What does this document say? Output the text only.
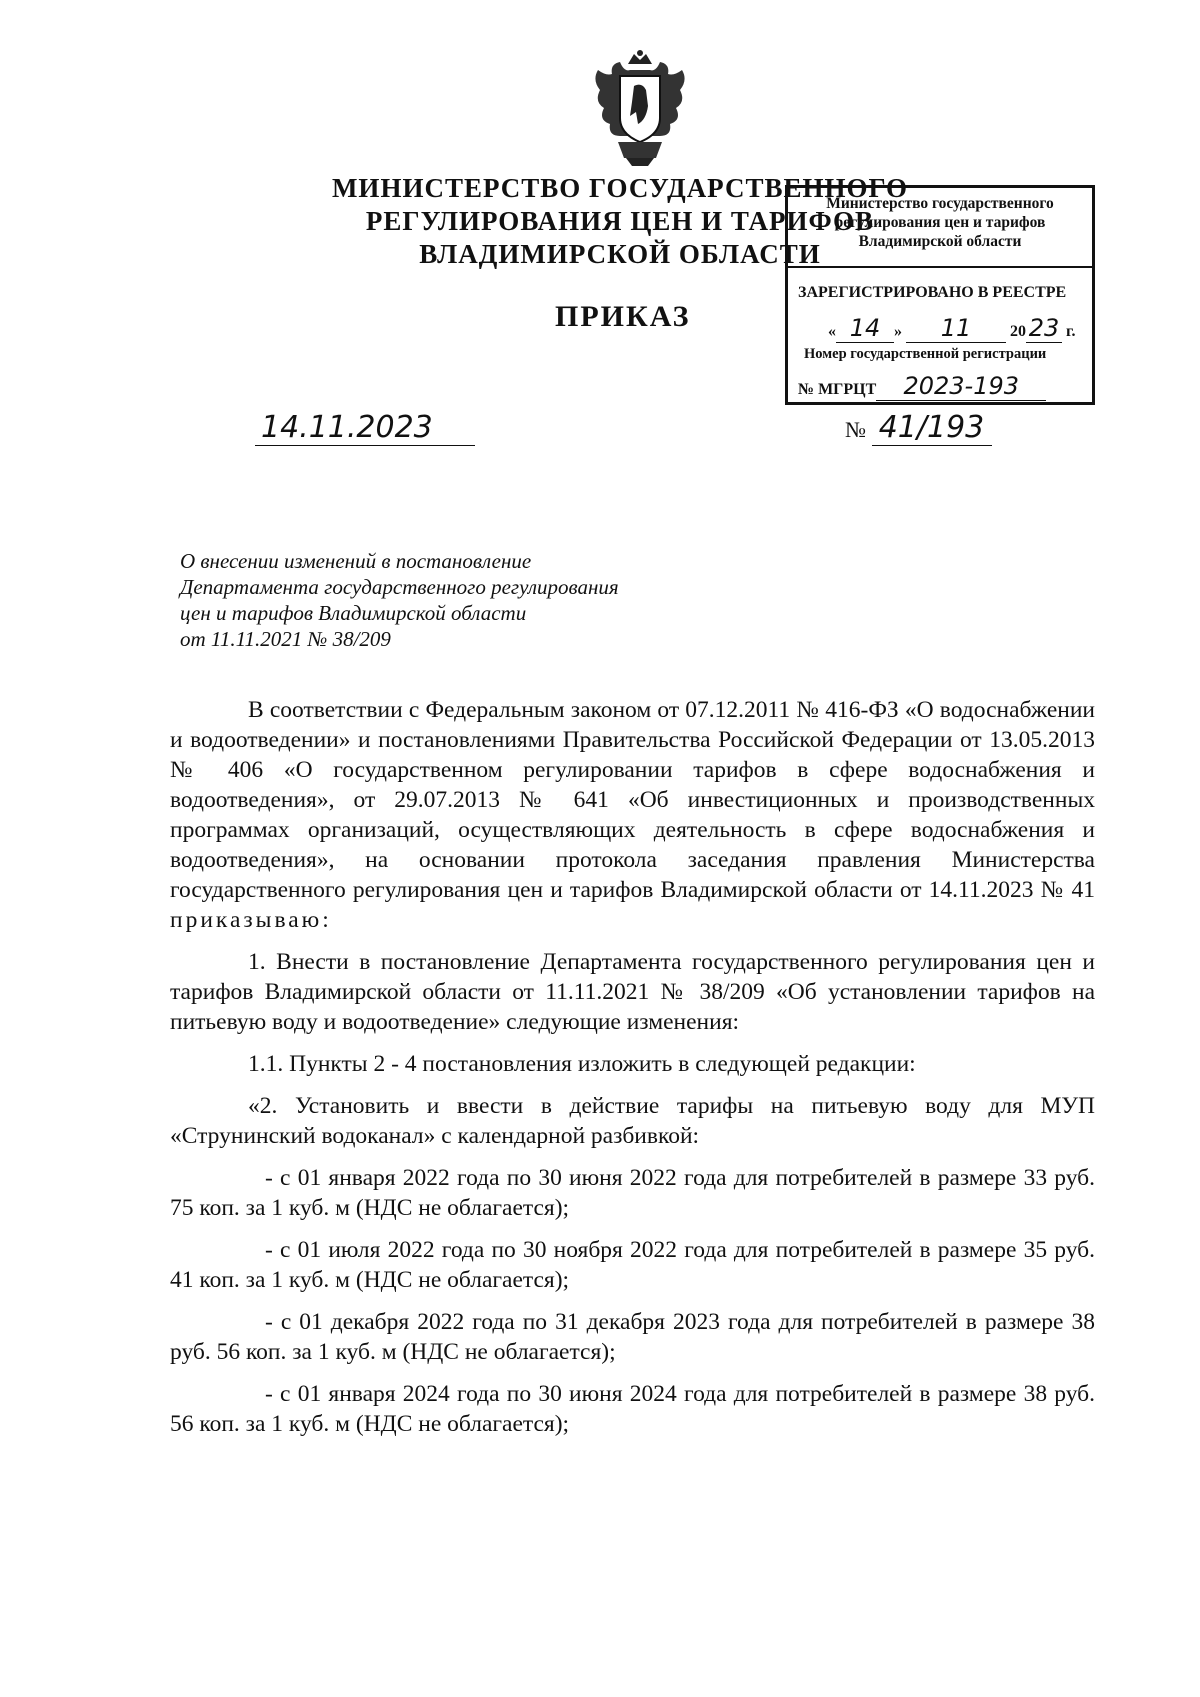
МИНИСТЕРСТВО ГОСУДАРСТВЕННОГО
РЕГУЛИРОВАНИЯ ЦЕН И ТАРИФОВ
ВЛАДИМИРСКОЙ ОБЛАСТИ
Министерство государственного
регулирования цен и тарифов
Владимирской области
ЗАРЕГИСТРИРОВАНО В РЕЕСТРЕ
« 14 » 11 20 23 г.
Номер государственной регистрации
№ МГРЦТ 2023-193
ПРИКАЗ
14.11.2023	№ 41/193
О внесении изменений в постановление
Департамента государственного регулирования
цен и тарифов Владимирской области
от 11.11.2021 № 38/209

В соответствии с Федеральным законом от 07.12.2011 № 416-ФЗ «О водоснабжении и водоотведении» и постановлениями Правительства Российской Федерации от 13.05.2013 № 406 «О государственном регулировании тарифов в сфере водоснабжения и водоотведения», от 29.07.2013 № 641 «Об инвестиционных и производственных программах организаций, осуществляющих деятельность в сфере водоснабжения и водоотведения», на основании протокола заседания правления Министерства государственного регулирования цен и тарифов Владимирской области от 14.11.2023 № 41 приказываю:

1. Внести в постановление Департамента государственного регулирования цен и тарифов Владимирской области от 11.11.2021 № 38/209 «Об установлении тарифов на питьевую воду и водоотведение» следующие изменения:

1.1. Пункты 2 - 4 постановления изложить в следующей редакции:

«2. Установить и ввести в действие тарифы на питьевую воду для МУП «Струнинский водоканал» с календарной разбивкой:

- с 01 января 2022 года по 30 июня 2022 года для потребителей в размере 33 руб. 75 коп. за 1 куб. м (НДС не облагается);

- с 01 июля 2022 года по 30 ноября 2022 года для потребителей в размере 35 руб. 41 коп. за 1 куб. м (НДС не облагается);

- с 01 декабря 2022 года по 31 декабря 2023 года для потребителей в размере 38 руб. 56 коп. за 1 куб. м (НДС не облагается);

- с 01 января 2024 года по 30 июня 2024 года для потребителей в размере 38 руб. 56 коп. за 1 куб. м (НДС не облагается);
